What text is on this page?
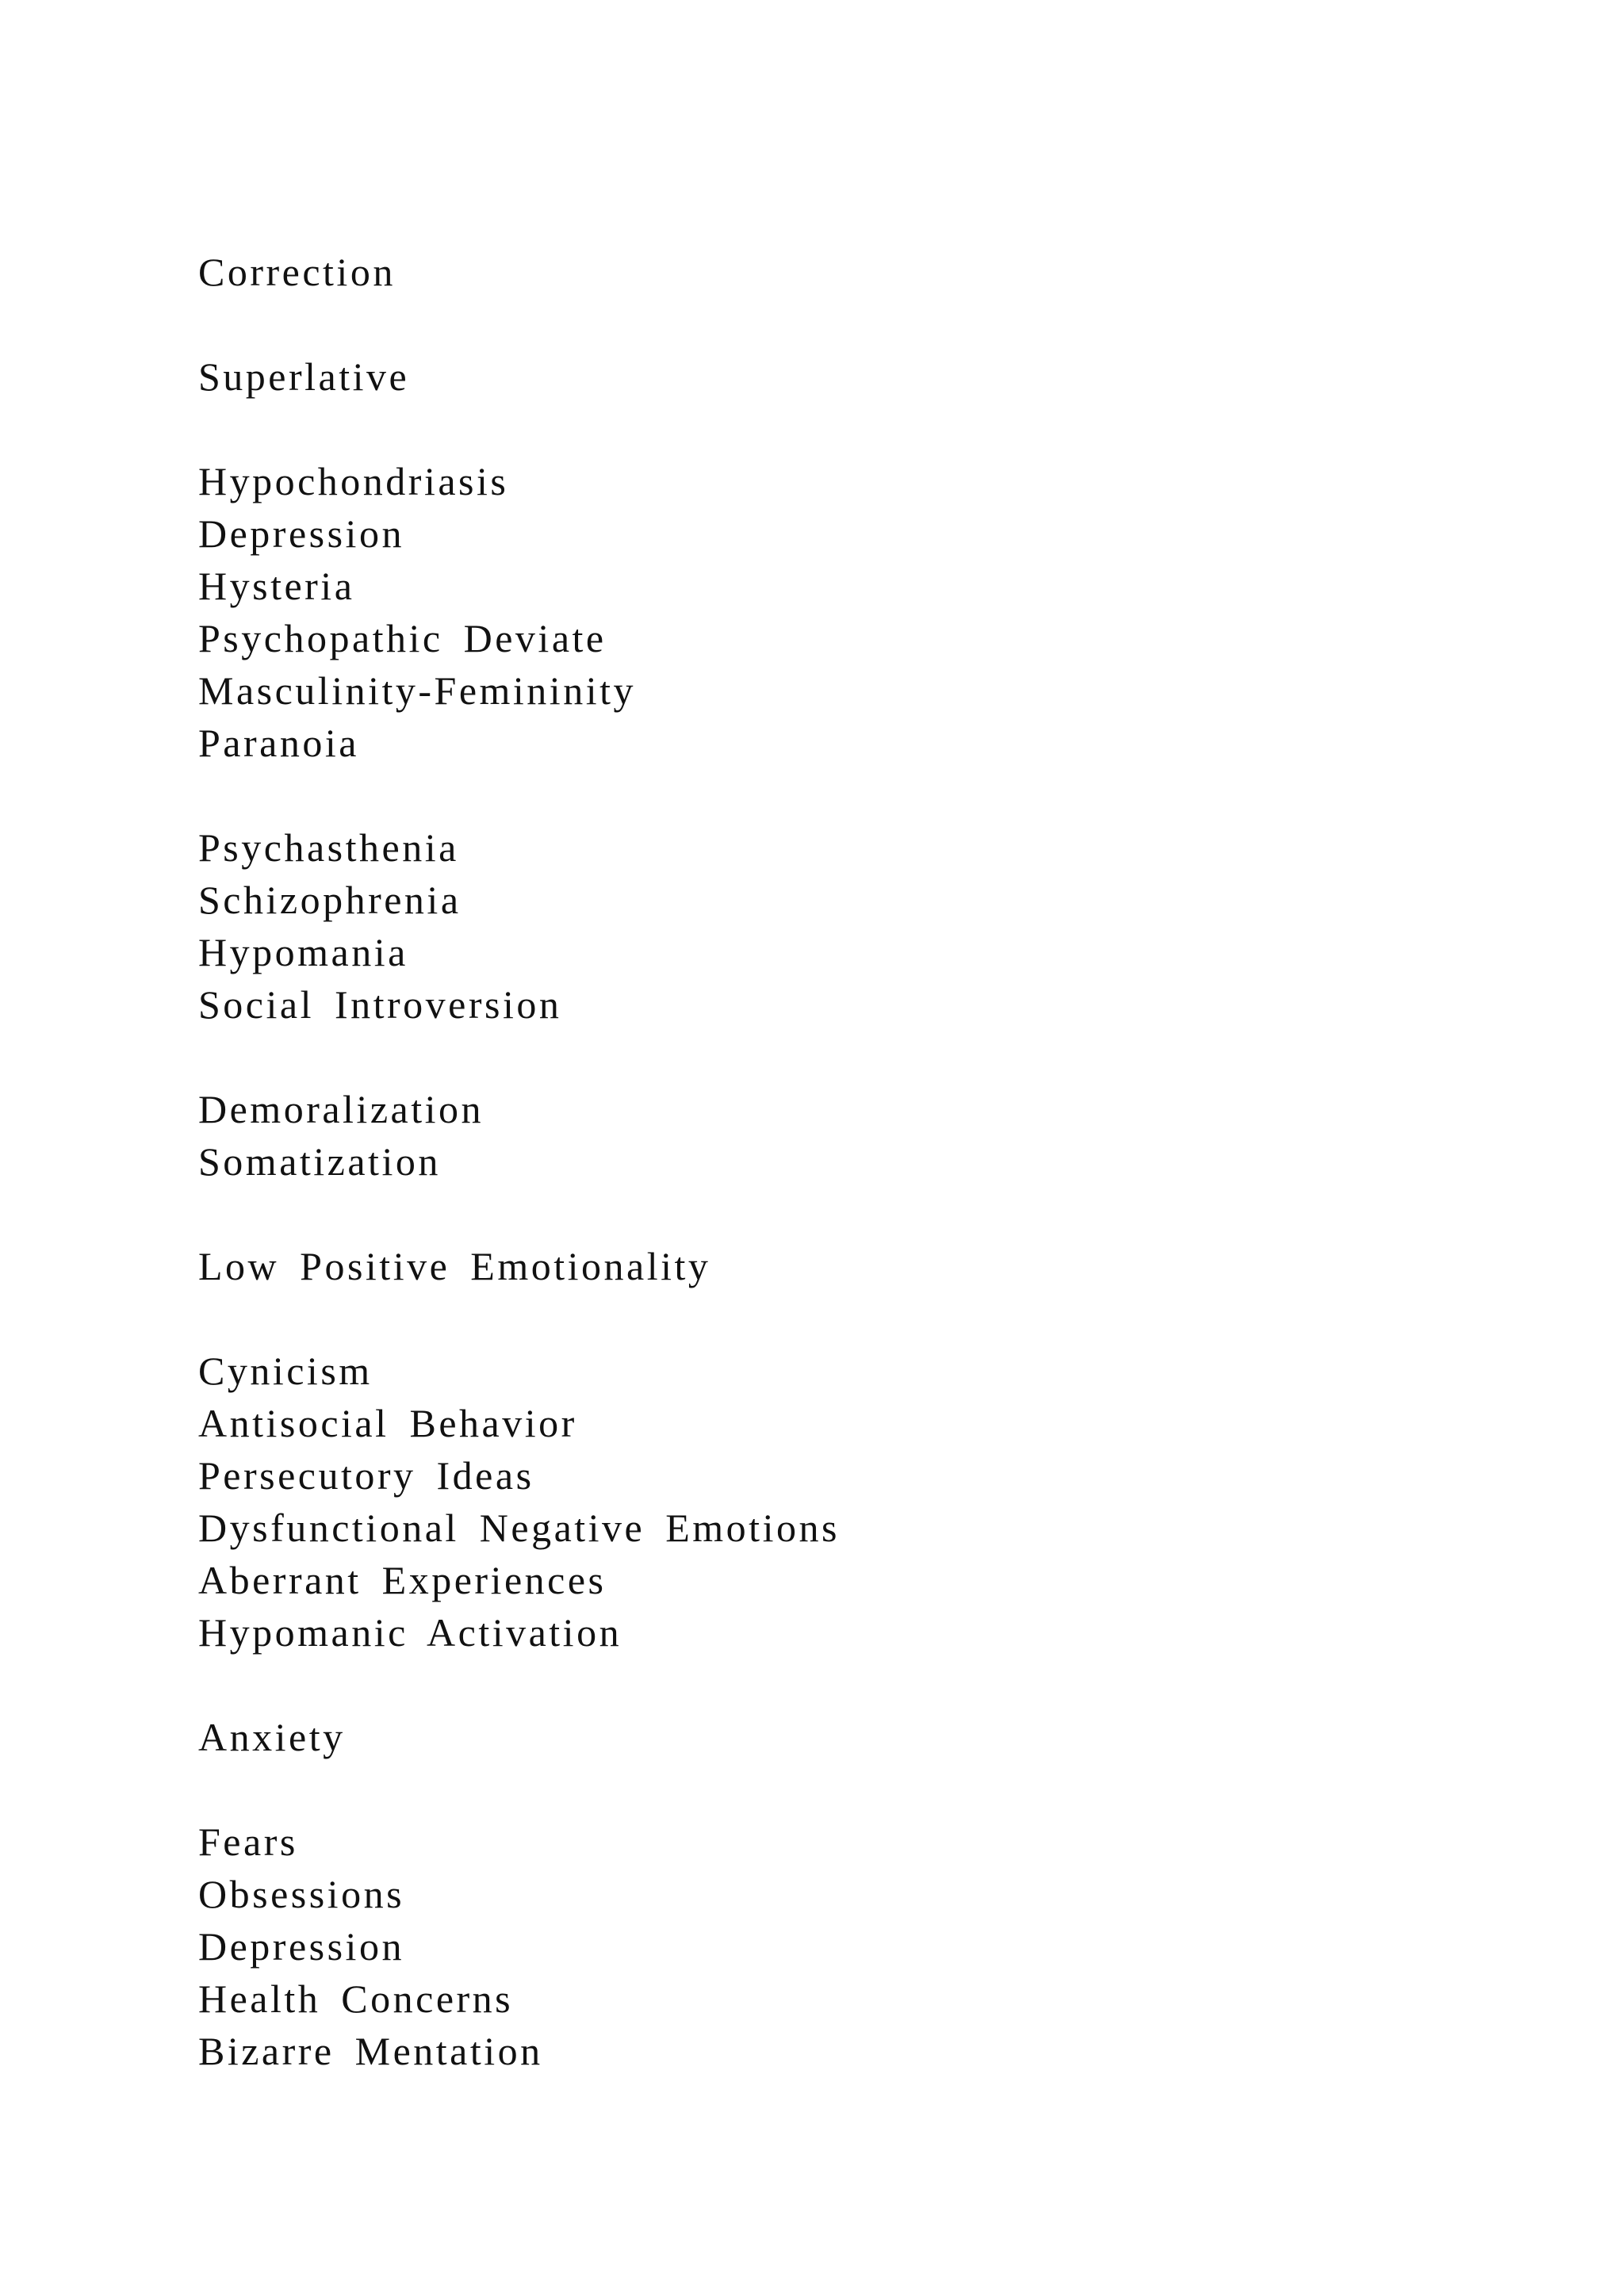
Correction
Superlative
Hypochondriasis
Depression
Hysteria
Psychopathic Deviate
Masculinity-Femininity
Paranoia
Psychasthenia
Schizophrenia
Hypomania
Social Introversion
Demoralization
Somatization
Low Positive Emotionality
Cynicism
Antisocial Behavior
Persecutory Ideas
Dysfunctional Negative Emotions
Aberrant Experiences
Hypomanic Activation
Anxiety
Fears
Obsessions
Depression
Health Concerns
Bizarre Mentation
